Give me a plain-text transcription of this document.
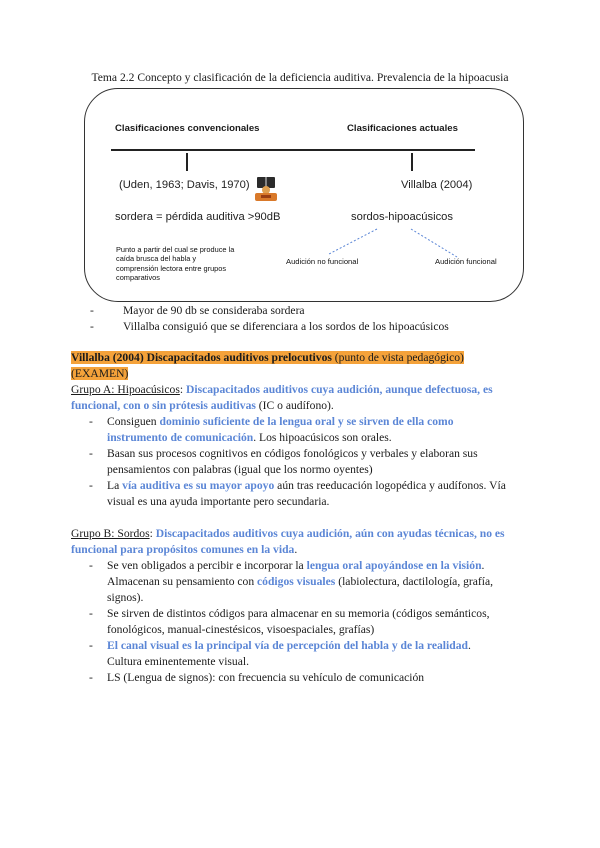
Tema 2.2 Concepto y clasificación de la deficiencia auditiva. Prevalencia de la hipoacusia
Clasificaciones convencionales	Clasificaciones actuales
(Uden, 1963; Davis, 1970)	Villalba (2004)
sordera = pérdida auditiva >90dB	sordos-hipoacúsicos
Punto a partir del cual se produce la
caída brusca del habla y
comprensión lectora entre grupos
comparativos
Audición no funcional	Audición funcional
-	Mayor de 90 db se consideraba sordera
-	Villalba consiguió que se diferenciara a los sordos de los hipoacúsicos
Villalba (2004) Discapacitados auditivos prelocutivos (punto de vista pedagógico)
(EXAMEN)
Grupo A: Hipoacúsicos: Discapacitados auditivos cuya audición, aunque defectuosa, es
funcional, con o sin prótesis auditivas (IC o audífono).
- Consiguen dominio suficiente de la lengua oral y se sirven de ella como
instrumento de comunicación. Los hipoacúsicos son orales.
- Basan sus procesos cognitivos en códigos fonológicos y verbales y elaboran sus
pensamientos con palabras (igual que los normo oyentes)
- La vía auditiva es su mayor apoyo aún tras reeducación logopédica y audífonos. Vía
visual es una ayuda importante pero secundaria.
Grupo B: Sordos: Discapacitados auditivos cuya audición, aún con ayudas técnicas, no es
funcional para propósitos comunes en la vida.
- Se ven obligados a percibir e incorporar la lengua oral apoyándose en la visión.
Almacenan su pensamiento con códigos visuales (labiolectura, dactilología, grafía,
signos).
- Se sirven de distintos códigos para almacenar en su memoria (códigos semánticos,
fonológicos, manual-cinestésicos, visoespaciales, grafías)
- El canal visual es la principal vía de percepción del habla y de la realidad.
Cultura eminentemente visual.
- LS (Lengua de signos): con frecuencia su vehículo de comunicación
